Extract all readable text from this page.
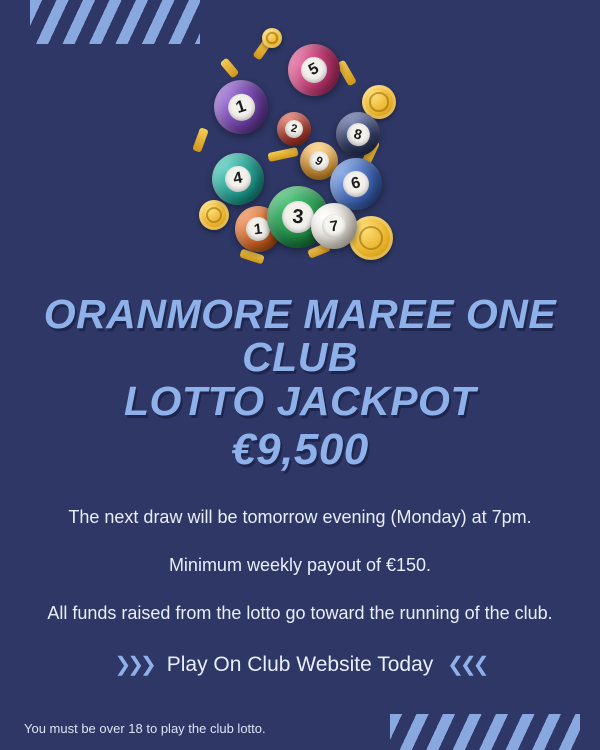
5
1
2	8
4
9
6
1
3	7
ORANMORE MAREE ONE CLUB
LOTTO JACKPOT
€9,500

The next draw will be tomorrow evening (Monday) at 7pm.

Minimum weekly payout of €150.

All funds raised from the lotto go toward the running of the club.

❯❯❯ Play On Club Website Today ❮❮❮
You must be over 18 to play the club lotto.
